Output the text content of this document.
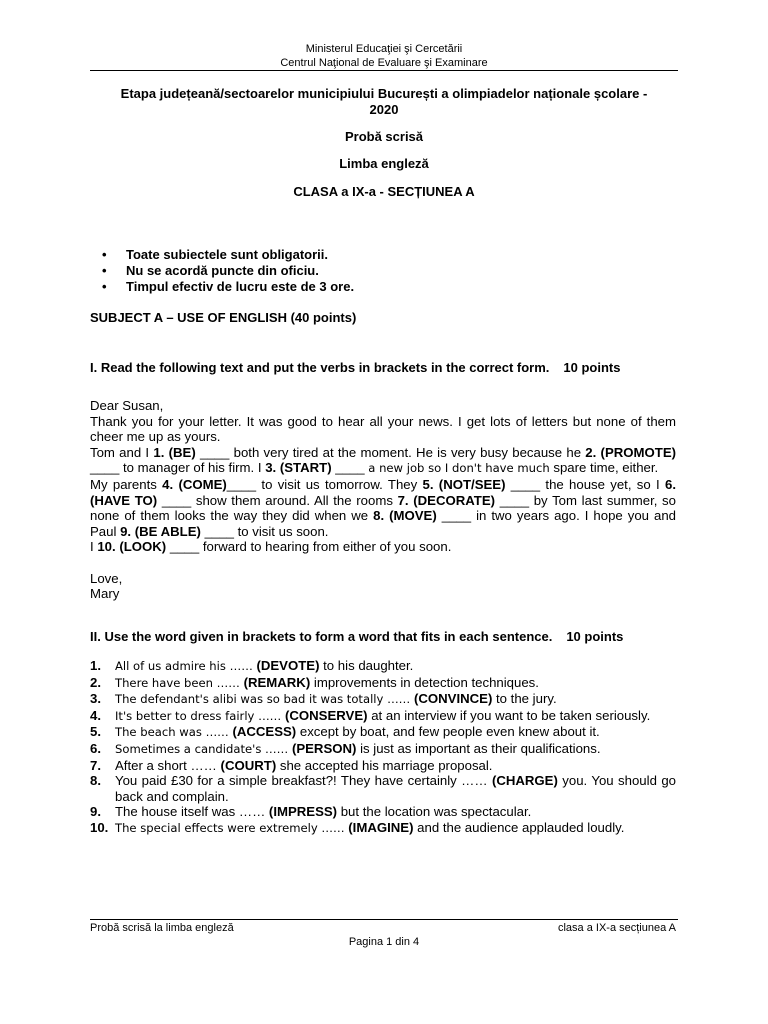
Ministerul Educaţiei şi Cercetării
Centrul Naţional de Evaluare şi Examinare
Etapa județeană/sectoarelor municipiului București a olimpiadelor naționale școlare -
2020
Probă scrisă
Limba engleză
CLASA a IX-a - SECȚIUNEA A
• Toate subiectele sunt obligatorii.
• Nu se acordă puncte din oficiu.
• Timpul efectiv de lucru este de 3 ore.
SUBJECT A – USE OF ENGLISH (40 points)
I. Read the following text and put the verbs in brackets in the correct form. 10 points

Dear Susan,

Thank you for your letter. It was good to hear all your news. I get lots of letters but none of them cheer me up as yours.

Tom and I 1. (BE) ____ both very tired at the moment. He is very busy because he 2. (PROMOTE) ____ to manager of his firm. I 3. (START) ____ a new job so I don't have much spare time, either.

My parents 4. (COME)____ to visit us tomorrow. They 5. (NOT/SEE) ____ the house yet, so I 6. (HAVE TO) ____ show them around. All the rooms 7. (DECORATE) ____ by Tom last summer, so none of them looks the way they did when we 8. (MOVE) ____ in two years ago. I hope you and Paul 9. (BE ABLE) ____ to visit us soon.

I 10. (LOOK) ____ forward to hearing from either of you soon.

Love,

Mary

II. Use the word given in brackets to form a word that fits in each sentence. 10 points
1. All of us admire his …… (DEVOTE) to his daughter.
2. There have been …… (REMARK) improvements in detection techniques.
3. The defendant's alibi was so bad it was totally …… (CONVINCE) to the jury.
4. It's better to dress fairly …… (CONSERVE) at an interview if you want to be taken seriously.
5. The beach was …… (ACCESS) except by boat, and few people even knew about it.
6. Sometimes a candidate's …… (PERSON) is just as important as their qualifications.
7. After a short …… (COURT) she accepted his marriage proposal.
8. You paid £30 for a simple breakfast?! They have certainly …… (CHARGE) you. You should go back and complain.
9. The house itself was …… (IMPRESS) but the location was spectacular.
10. The special effects were extremely …… (IMAGINE) and the audience applauded loudly.
Probă scrisă la limba engleză	clasa a IX-a secțiunea A
Pagina 1 din 4
